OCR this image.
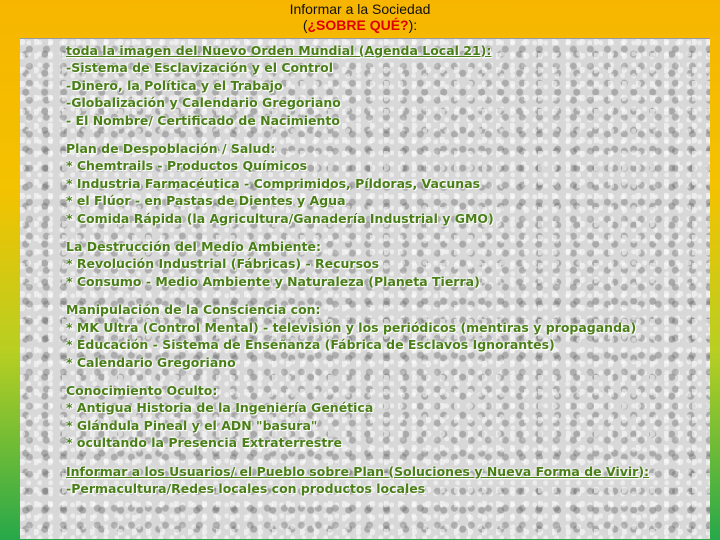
Informar a la Sociedad
(¿SOBRE QUÉ?):
toda la imagen del Nuevo Orden Mundial (Agenda Local 21):
-Sistema de Esclavización y el Control
-Dinero, la Política y el Trabajo
-Globalización y Calendario Gregoriano
- El Nombre/ Certificado de Nacimiento
Plan de Despoblación / Salud:
* Chemtrails - Productos Químicos
* Industria Farmacéutica - Comprimidos, Píldoras, Vacunas
* el Flúor - en Pastas de Dientes y Agua
* Comida Rápida (la Agricultura/Ganadería Industrial y GMO)
La Destrucción del Medio Ambiente:
* Revolución Industrial (Fábricas) - Recursos
* Consumo - Medio Ambiente y Naturaleza (Planeta Tierra)
Manipulación de la Consciencia con:
* MK Ultra (Control Mental) - televisión y los periódicos (mentiras y propaganda)
* Educación - Sistema de Enseñanza (Fábrica de Esclavos Ignorantes)
* Calendario Gregoriano
Conocimiento Oculto:
* Antigua Historia de la Ingeniería Genética
* Glándula Pineal y el ADN "basura"
* ocultando la Presencia Extraterrestre
Informar a los Usuarios/ el Pueblo sobre Plan (Soluciones y Nueva Forma de Vivir):
-Permacultura/Redes locales con productos locales
